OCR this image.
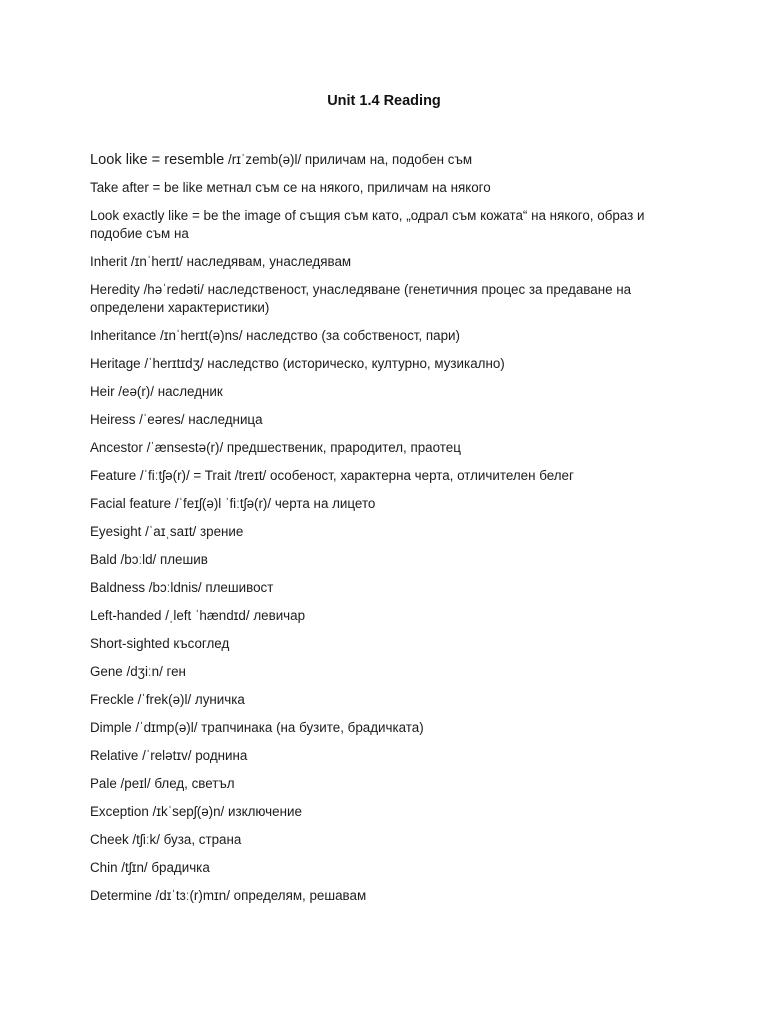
Unit 1.4 Reading

Look like = resemble /rɪˈzemb(ə)l/ приличам на, подобен съм

Take after = be like метнал съм се на някого, приличам на някого

Look exactly like = be the image of същия съм като, „одрал съм кожата“ на някого, образ и подобие съм на

Inherit /ɪnˈherɪt/ наследявам, унаследявам

Heredity /həˈredəti/ наследственост, унаследяване (генетичния процес за предаване на определени характеристики)

Inheritance /ɪnˈherɪt(ə)ns/ наследство (за собственост, пари)

Heritage /ˈherɪtɪdʒ/ наследство (историческо, културно, музикално)

Heir /eə(r)/ наследник

Heiress /ˈeəres/ наследница

Ancestor /ˈænsestə(r)/ предшественик, прародител, праотец

Feature /ˈfiːtʃə(r)/ = Trait /treɪt/ особеност, характерна черта, отличителен белег

Facial feature /ˈfeɪʃ(ə)l ˈfiːtʃə(r)/ черта на лицето

Eyesight /ˈaɪˌsaɪt/ зрение

Bald /bɔːld/ плешив

Baldness /bɔːldnis/ плешивост

Left-handed /ˌleft ˈhændɪd/ левичар

Short-sighted късоглед

Gene /dʒiːn/ ген

Freckle /ˈfrek(ə)l/ луничка

Dimple /ˈdɪmp(ə)l/ трапчинака (на бузите, брадичката)

Relative /ˈrelətɪv/ роднина

Pale /peɪl/ блед, светъл

Exception /ɪkˈsepʃ(ə)n/ изключение

Cheek /tʃiːk/ буза, страна

Chin /tʃɪn/ брадичка

Determine /dɪˈtɜː(r)mɪn/ определям, решавам
